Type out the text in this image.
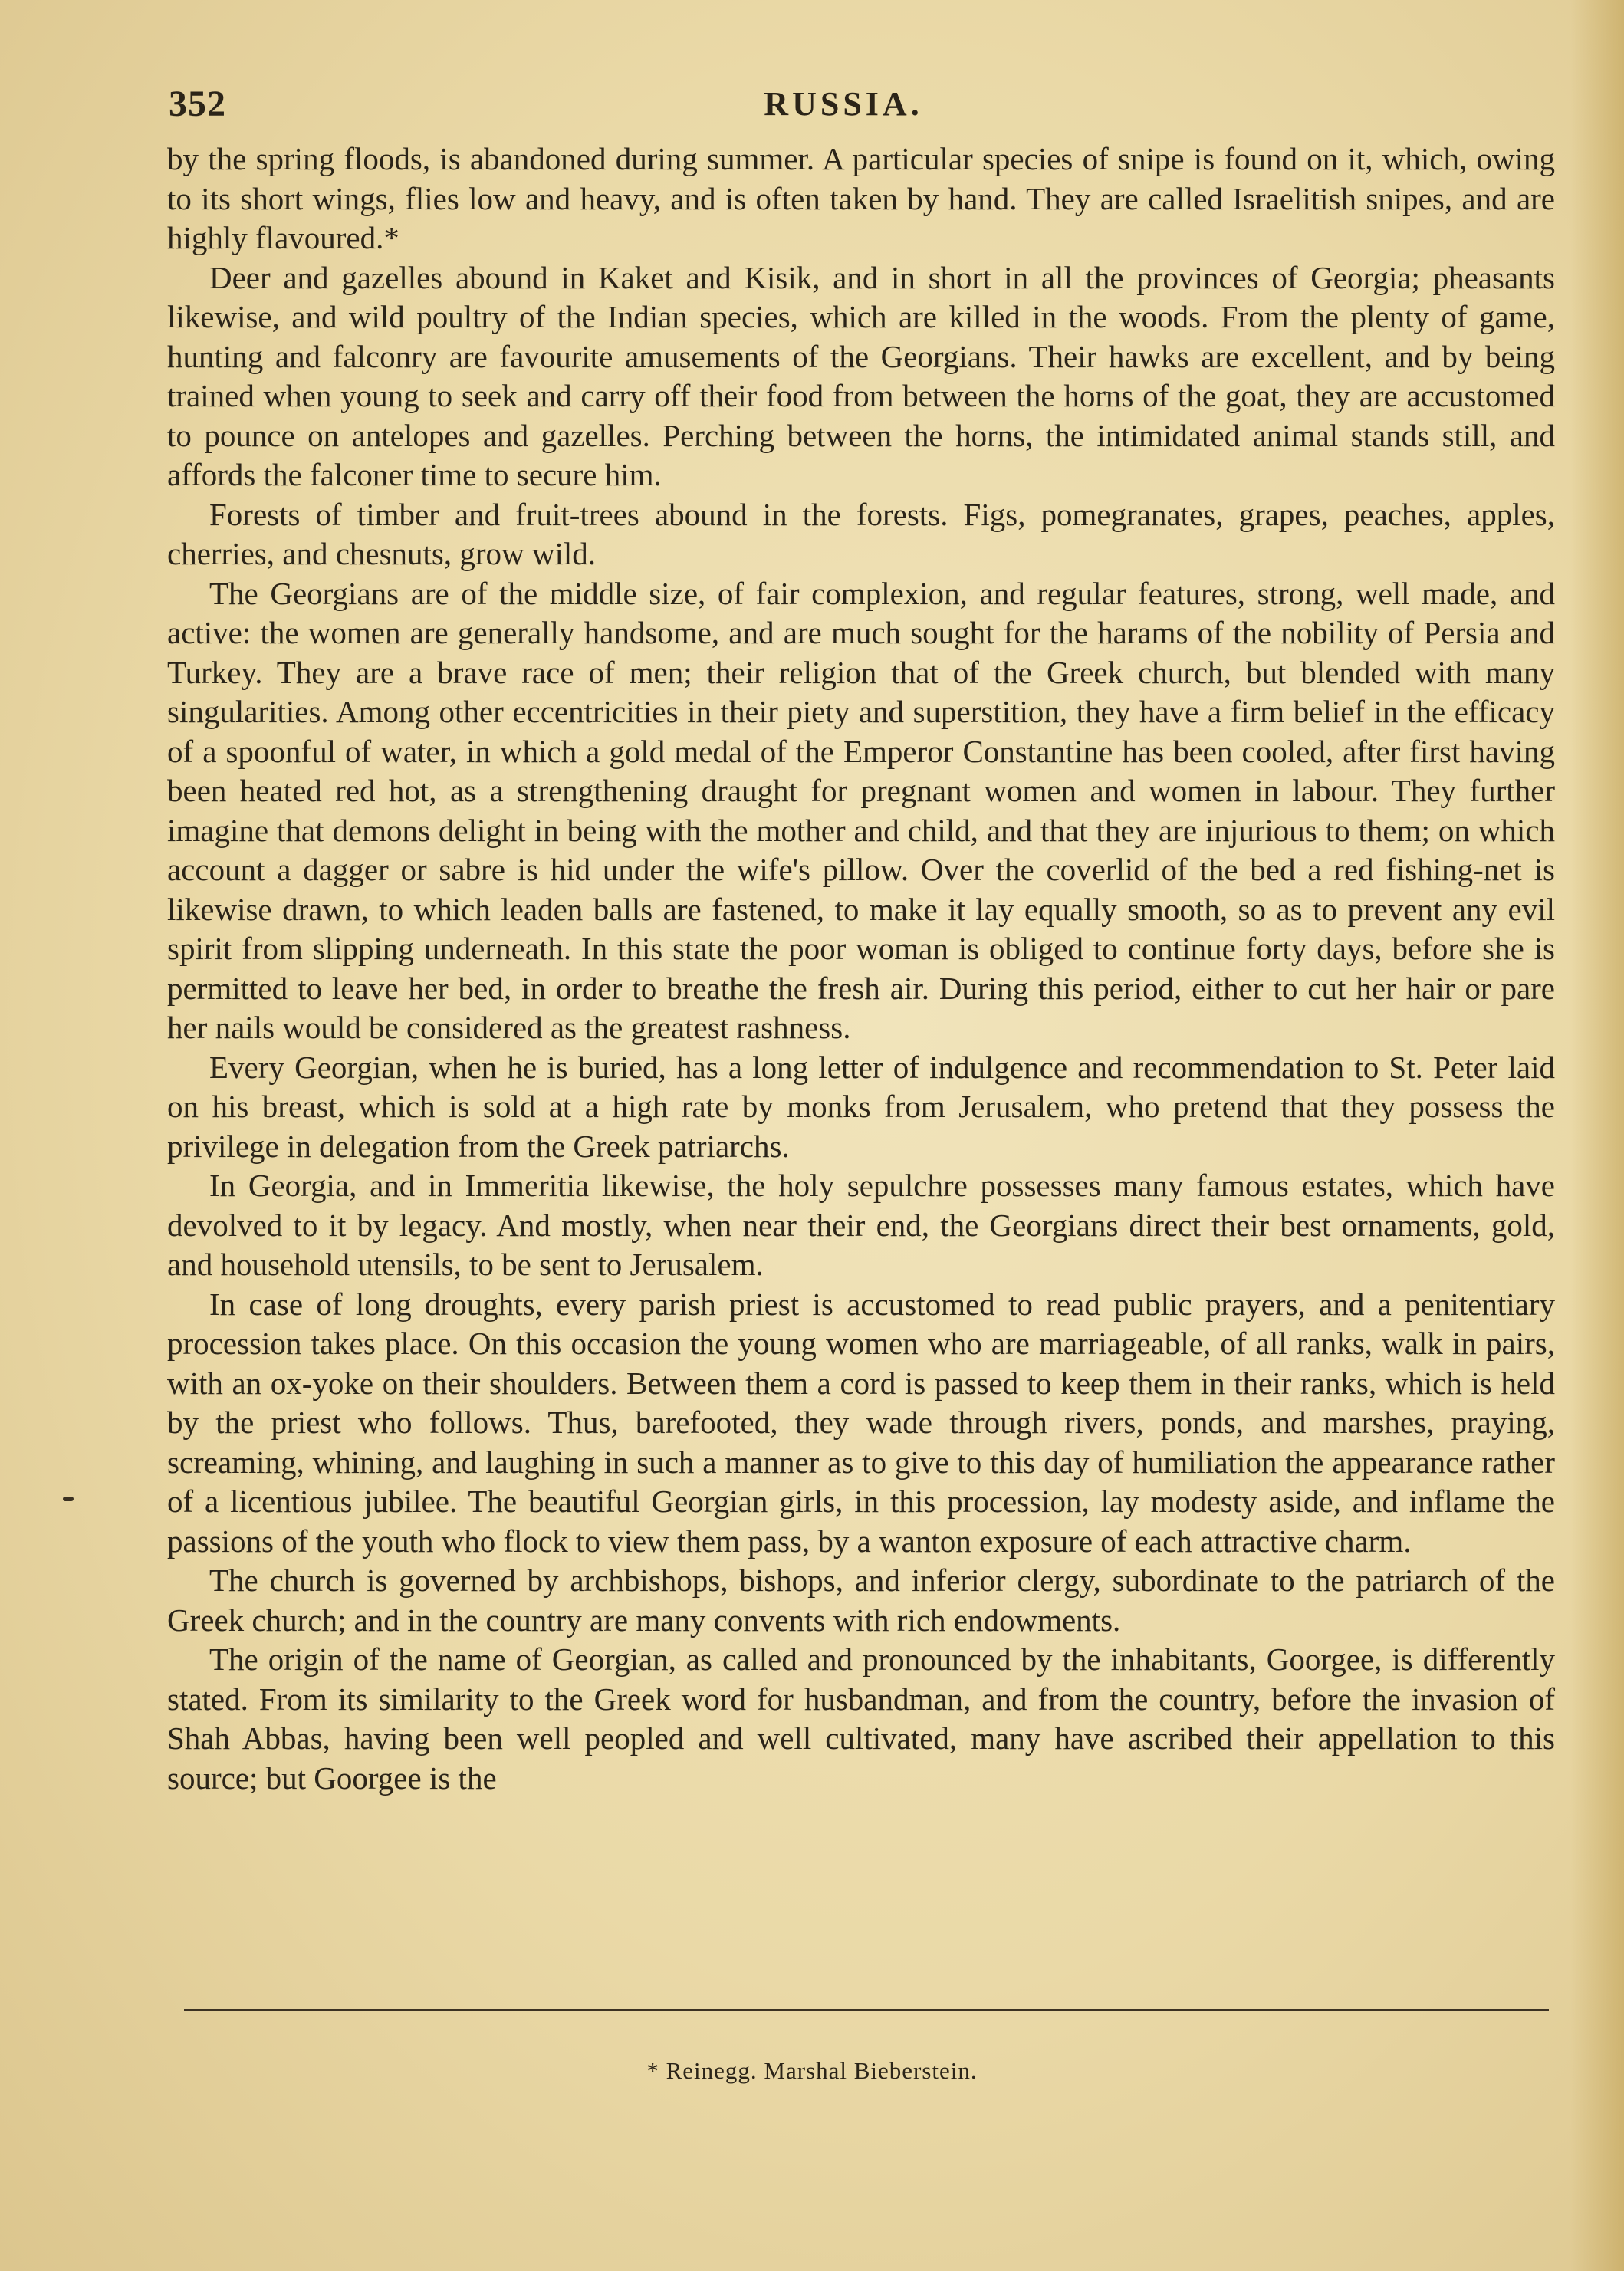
352	RUSSIA.

by the spring floods, is abandoned during summer. A particular species of snipe is found on it, which, owing to its short wings, flies low and heavy, and is often taken by hand. They are called Israelitish snipes, and are highly flavoured.*

Deer and gazelles abound in Kaket and Kisik, and in short in all the provinces of Georgia; pheasants likewise, and wild poultry of the Indian species, which are killed in the woods. From the plenty of game, hunting and falconry are favourite amusements of the Georgians. Their hawks are excellent, and by being trained when young to seek and carry off their food from between the horns of the goat, they are accustomed to pounce on antelopes and gazelles. Perching between the horns, the intimidated animal stands still, and affords the falconer time to secure him.

Forests of timber and fruit-trees abound in the forests. Figs, pomegranates, grapes, peaches, apples, cherries, and chesnuts, grow wild.

The Georgians are of the middle size, of fair complexion, and regular features, strong, well made, and active: the women are generally handsome, and are much sought for the harams of the nobility of Persia and Turkey. They are a brave race of men; their religion that of the Greek church, but blended with many singularities. Among other eccentricities in their piety and superstition, they have a firm belief in the efficacy of a spoonful of water, in which a gold medal of the Emperor Constantine has been cooled, after first having been heated red hot, as a strengthening draught for pregnant women and women in labour. They further imagine that demons delight in being with the mother and child, and that they are injurious to them; on which account a dagger or sabre is hid under the wife's pillow. Over the coverlid of the bed a red fishing-net is likewise drawn, to which leaden balls are fastened, to make it lay equally smooth, so as to prevent any evil spirit from slipping underneath. In this state the poor woman is obliged to continue forty days, before she is permitted to leave her bed, in order to breathe the fresh air. During this period, either to cut her hair or pare her nails would be considered as the greatest rashness.

Every Georgian, when he is buried, has a long letter of indulgence and recommendation to St. Peter laid on his breast, which is sold at a high rate by monks from Jerusalem, who pretend that they possess the privilege in delegation from the Greek patriarchs.

In Georgia, and in Immeritia likewise, the holy sepulchre possesses many famous estates, which have devolved to it by legacy. And mostly, when near their end, the Georgians direct their best ornaments, gold, and household utensils, to be sent to Jerusalem.

In case of long droughts, every parish priest is accustomed to read public prayers, and a penitentiary procession takes place. On this occasion the young women who are marriageable, of all ranks, walk in pairs, with an ox-yoke on their shoulders. Between them a cord is passed to keep them in their ranks, which is held by the priest who follows. Thus, barefooted, they wade through rivers, ponds, and marshes, praying, screaming, whining, and laughing in such a manner as to give to this day of humiliation the appearance rather of a licentious jubilee. The beautiful Georgian girls, in this procession, lay modesty aside, and inflame the passions of the youth who flock to view them pass, by a wanton exposure of each attractive charm.

The church is governed by archbishops, bishops, and inferior clergy, subordinate to the patriarch of the Greek church; and in the country are many convents with rich endowments.

The origin of the name of Georgian, as called and pronounced by the inhabitants, Goorgee, is differently stated. From its similarity to the Greek word for husbandman, and from the country, before the invasion of Shah Abbas, having been well peopled and well cultivated, many have ascribed their appellation to this source; but Goorgee is the

* Reinegg. Marshal Bieberstein.
